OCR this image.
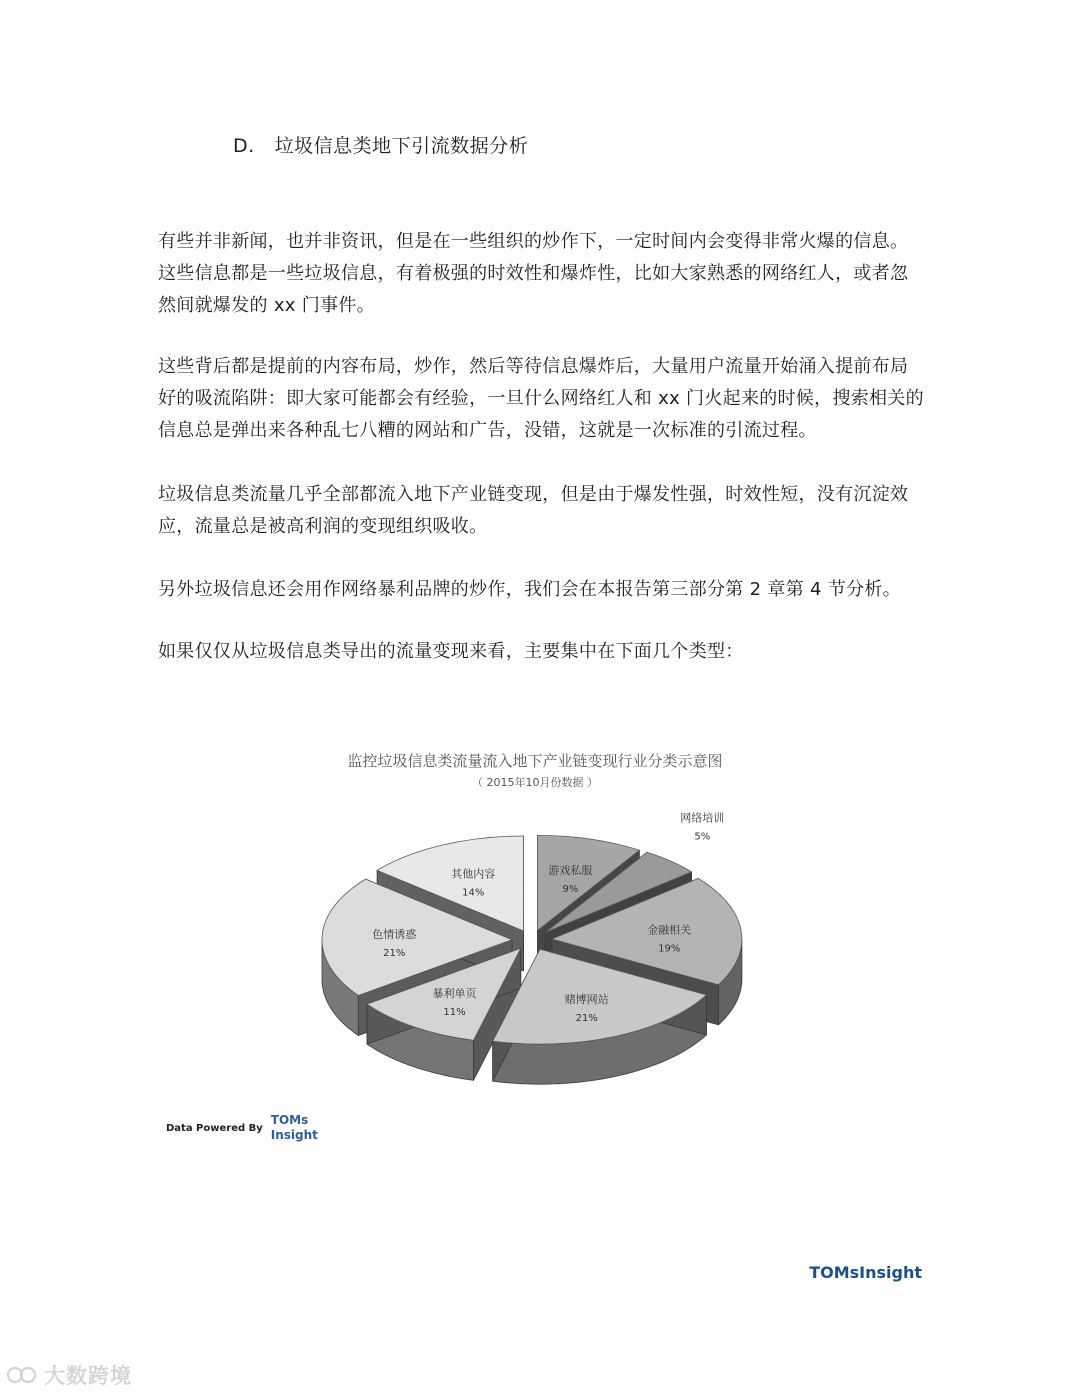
D. 垃圾信息类地下引流数据分析

有些并非新闻，也并非资讯，但是在一些组织的炒作下，一定时间内会变得非常火爆的信息。这些信息都是一些垃圾信息，有着极强的时效性和爆炸性，比如大家熟悉的网络红人，或者忽然间就爆发的 xx 门事件。

这些背后都是提前的内容布局，炒作，然后等待信息爆炸后，大量用户流量开始涌入提前布局好的吸流陷阱：即大家可能都会有经验，一旦什么网络红人和 xx 门火起来的时候，搜索相关的信息总是弹出来各种乱七八糟的网站和广告，没错，这就是一次标准的引流过程。

垃圾信息类流量几乎全部都流入地下产业链变现，但是由于爆发性强，时效性短，没有沉淀效应，流量总是被高利润的变现组织吸收。

另外垃圾信息还会用作网络暴利品牌的炒作，我们会在本报告第三部分第 2 章第 4 节分析。

如果仅仅从垃圾信息类导出的流量变现来看，主要集中在下面几个类型：

监控垃圾信息类流量流入地下产业链变现行业分类示意图
（ 2015年10月份数据 ）
游戏私服
9%
网络培训
5%
金融相关
19%
赌博网站
21%
暴利单页
11%
色情诱惑
21%
其他内容
14%
Data Powered By
TOMs
Insight
TOMsInsight
大数跨境
